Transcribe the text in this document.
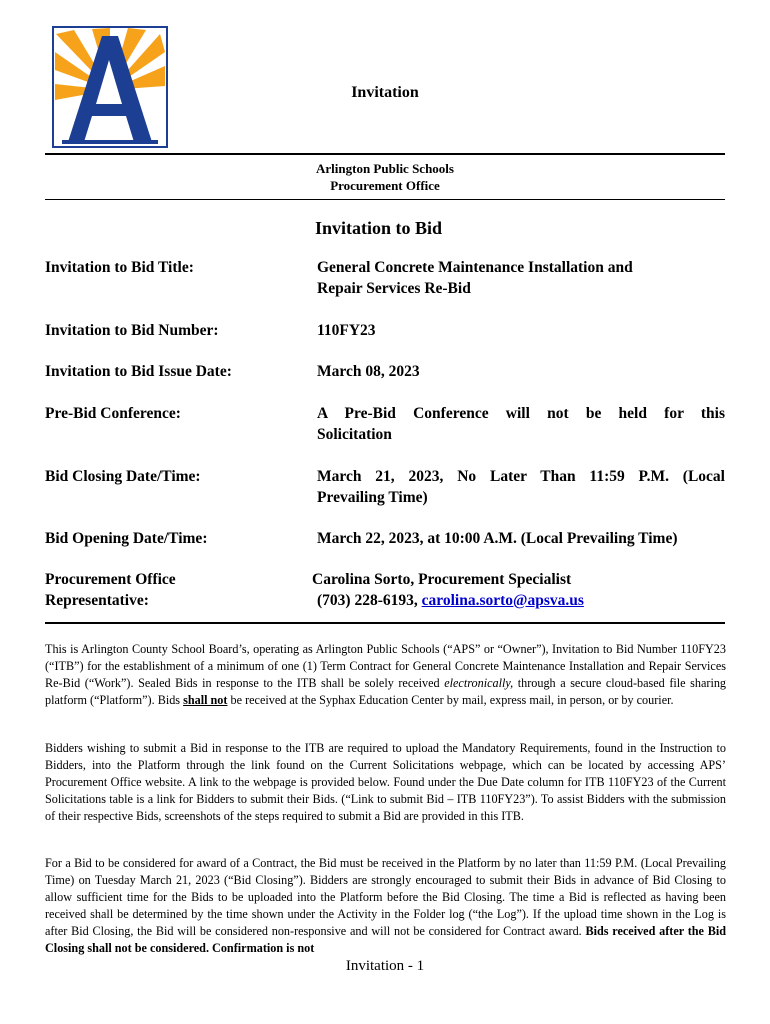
Invitation
Arlington Public Schools
Procurement Office
Invitation to Bid
Invitation to Bid Title:	General Concrete Maintenance Installation and
Repair Services Re-Bid
Invitation to Bid Number:	110FY23
Invitation to Bid Issue Date:	March 08, 2023
Pre-Bid Conference:	A Pre-Bid Conference will not be held for this
Solicitation
Bid Closing Date/Time:	March 21, 2023, No Later Than 11:59 P.M. (Local
Prevailing Time)
Bid Opening Date/Time:	March 22, 2023, at 10:00 A.M. (Local Prevailing Time)
Procurement Office
Representative:
Carolina Sorto, Procurement Specialist
(703) 228-6193, carolina.sorto@apsva.us
This is Arlington County School Board’s, operating as Arlington Public Schools (“APS” or “Owner”), Invitation to Bid Number 110FY23 (“ITB”) for the establishment of a minimum of one (1) Term Contract for General Concrete Maintenance Installation and Repair Services Re-Bid (“Work”). Sealed Bids in response to the ITB shall be solely received electronically, through a secure cloud-based file sharing platform (“Platform”). Bids shall not be received at the Syphax Education Center by mail, express mail, in person, or by courier.
Bidders wishing to submit a Bid in response to the ITB are required to upload the Mandatory Requirements, found in the Instruction to Bidders, into the Platform through the link found on the Current Solicitations webpage, which can be located by accessing APS’ Procurement Office website. A link to the webpage is provided below. Found under the Due Date column for ITB 110FY23 of the Current Solicitations table is a link for Bidders to submit their Bids. (“Link to submit Bid – ITB 110FY23”). To assist Bidders with the submission of their respective Bids, screenshots of the steps required to submit a Bid are provided in this ITB.
For a Bid to be considered for award of a Contract, the Bid must be received in the Platform by no later than 11:59 P.M. (Local Prevailing Time) on Tuesday March 21, 2023 (“Bid Closing”). Bidders are strongly encouraged to submit their Bids in advance of Bid Closing to allow sufficient time for the Bids to be uploaded into the Platform before the Bid Closing. The time a Bid is reflected as having been received shall be determined by the time shown under the Activity in the Folder log (“the Log”). If the upload time shown in the Log is after Bid Closing, the Bid will be considered non-responsive and will not be considered for Contract award. Bids received after the Bid Closing shall not be considered. Confirmation is not
Invitation - 1
